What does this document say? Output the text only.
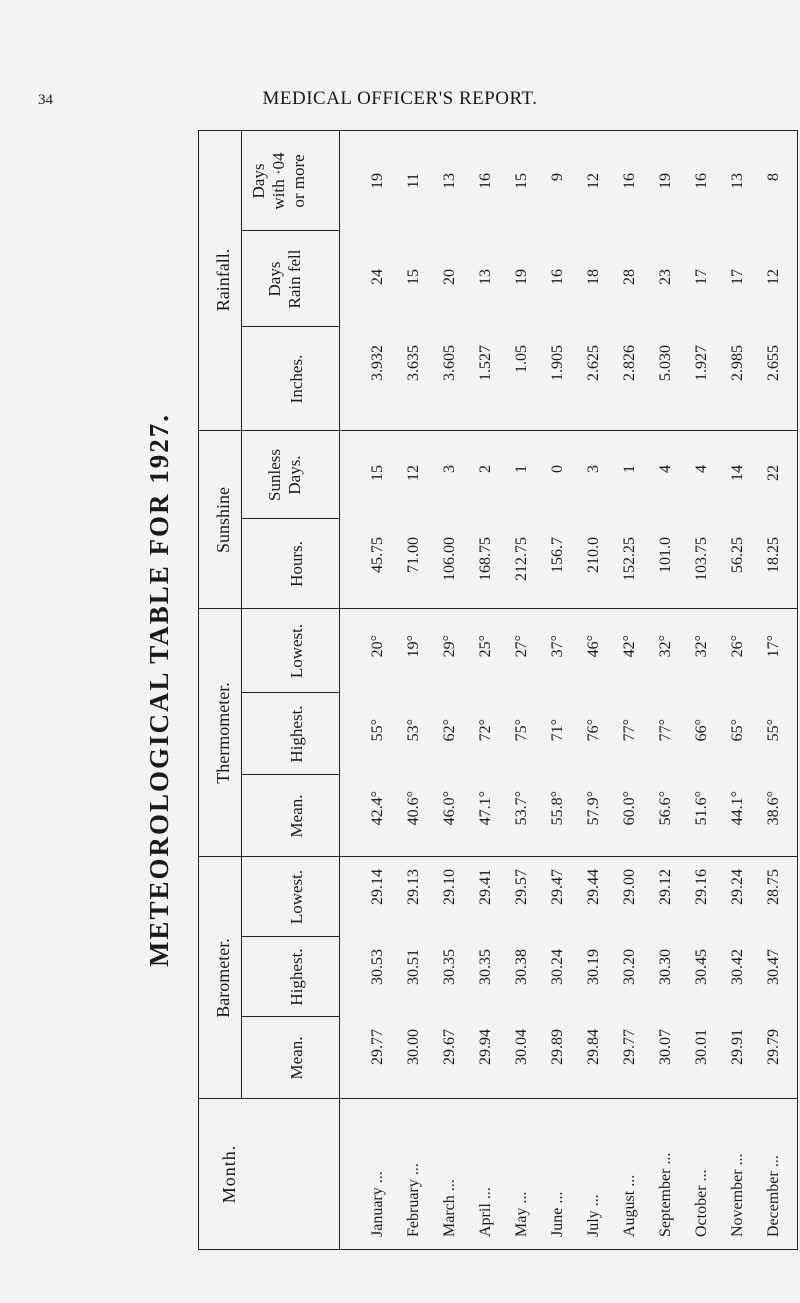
34	MEDICAL OFFICER'S REPORT.
METEOROLOGICAL TABLE FOR 1927.
Barometer.
Thermometer.
Sunshine
Rainfall.
Month.
Mean.
Highest.
Lowest.
Mean.
Highest.
Lowest.
Hours.
Sunless Days.
Inches.
Days Rain fell
Days with ·04 or more
January ...
29.77
30.53
29.14
42.4°
55°
20°
45.75
15
3.932
24
19
February ...
30.00
30.51
29.13
40.6°
53°
19°
71.00
12
3.635
15
11
March ...
29.67
30.35
29.10
46.0°
62°
29°
106.00
3
3.605
20
13
April ...
29.94
30.35
29.41
47.1°
72°
25°
168.75
2
1.527
13
16
May ...
30.04
30.38
29.57
53.7°
75°
27°
212.75
1
1.05
19
15
June ...
29.89
30.24
29.47
55.8°
71°
37°
156.7
0
1.905
16
9
July ...
29.84
30.19
29.44
57.9°
76°
46°
210.0
3
2.625
18
12
August ...
29.77
30.20
29.00
60.0°
77°
42°
152.25
1
2.826
28
16
September ...
30.07
30.30
29.12
56.6°
77°
32°
101.0
4
5.030
23
19
October ...
30.01
30.45
29.16
51.6°
66°
32°
103.75
4
1.927
17
16
November ...
29.91
30.42
29.24
44.1°
65°
26°
56.25
14
2.985
17
13
December ...
29.79
30.47
28.75
38.6°
55°
17°
18.25
22
2.655
12
8
